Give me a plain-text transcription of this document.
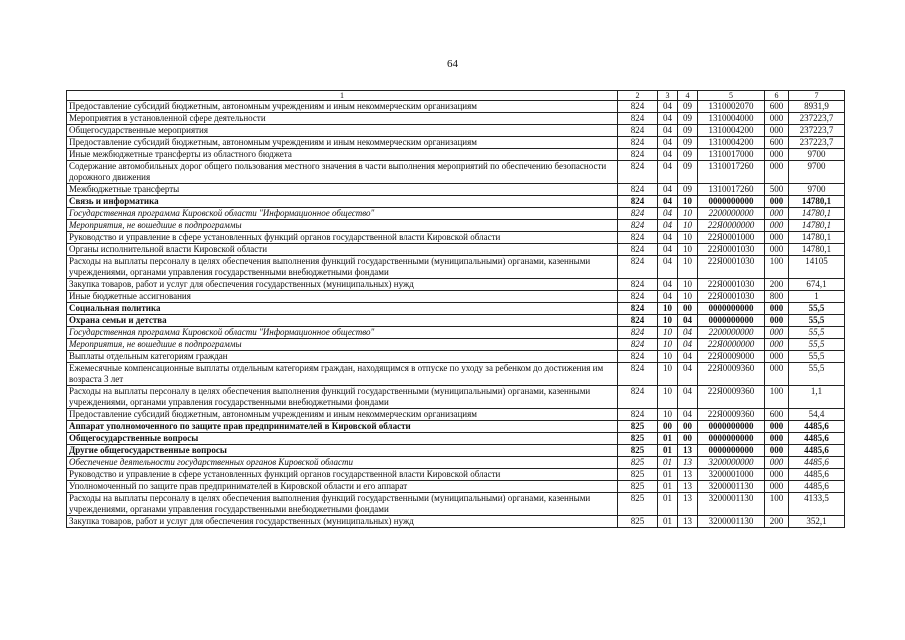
64
1	2	3	4	5	6	7
Предоставление субсидий бюджетным, автономным учреждениям и иным некоммерческим организациям	824	04	09	1310002070	600	8931,9
Мероприятия в установленной сфере деятельности	824	04	09	1310004000	000	237223,7
Общегосударственные мероприятия	824	04	09	1310004200	000	237223,7
Предоставление субсидий бюджетным, автономным учреждениям и иным некоммерческим организациям	824	04	09	1310004200	600	237223,7
Иные межбюджетные трансферты из областного бюджета	824	04	09	1310017000	000	9700
Содержание автомобильных дорог общего пользования местного значения в части выполнения мероприятий по обеспечению безопасности дорожного движения	824	04	09	1310017260	000	9700
Межбюджетные трансферты	824	04	09	1310017260	500	9700
Связь и информатика	824	04	10	0000000000	000	14780,1
Государственная программа Кировской области "Информационное общество"	824	04	10	2200000000	000	14780,1
Мероприятия, не вошедшие в подпрограммы	824	04	10	22Я0000000	000	14780,1
Руководство и управление в сфере установленных функций органов государственной власти Кировской области	824	04	10	22Я0001000	000	14780,1
Органы исполнительной власти Кировской области	824	04	10	22Я0001030	000	14780,1
Расходы на выплаты персоналу в целях обеспечения выполнения функций государственными (муниципальными) органами, казенными учреждениями, органами управления государственными внебюджетными фондами	824	04	10	22Я0001030	100	14105
Закупка товаров, работ и услуг для обеспечения государственных (муниципальных) нужд	824	04	10	22Я0001030	200	674,1
Иные бюджетные ассигнования	824	04	10	22Я0001030	800	1
Социальная политика	824	10	00	0000000000	000	55,5
Охрана семьи и детства	824	10	04	0000000000	000	55,5
Государственная программа Кировской области "Информационное общество"	824	10	04	2200000000	000	55,5
Мероприятия, не вошедшие в подпрограммы	824	10	04	22Я0000000	000	55,5
Выплаты отдельным категориям граждан	824	10	04	22Я0009000	000	55,5
Ежемесячные компенсационные выплаты отдельным категориям граждан, находящимся в отпуске по уходу за ребенком до достижения им возраста 3 лет	824	10	04	22Я0009360	000	55,5
Расходы на выплаты персоналу в целях обеспечения выполнения функций государственными (муниципальными) органами, казенными учреждениями, органами управления государственными внебюджетными фондами	824	10	04	22Я0009360	100	1,1
Предоставление субсидий бюджетным, автономным учреждениям и иным некоммерческим организациям	824	10	04	22Я0009360	600	54,4
Аппарат уполномоченного по защите прав предпринимателей в Кировской области	825	00	00	0000000000	000	4485,6
Общегосударственные вопросы	825	01	00	0000000000	000	4485,6
Другие общегосударственные вопросы	825	01	13	0000000000	000	4485,6
Обеспечение деятельности государственных органов Кировской области	825	01	13	3200000000	000	4485,6
Руководство и управление в сфере установленных функций органов государственной власти Кировской области	825	01	13	3200001000	000	4485,6
Уполномоченный по защите прав предпринимателей в Кировской области и его аппарат	825	01	13	3200001130	000	4485,6
Расходы на выплаты персоналу в целях обеспечения выполнения функций государственными (муниципальными) органами, казенными учреждениями, органами управления государственными внебюджетными фондами	825	01	13	3200001130	100	4133,5
Закупка товаров, работ и услуг для обеспечения государственных (муниципальных) нужд	825	01	13	3200001130	200	352,1
